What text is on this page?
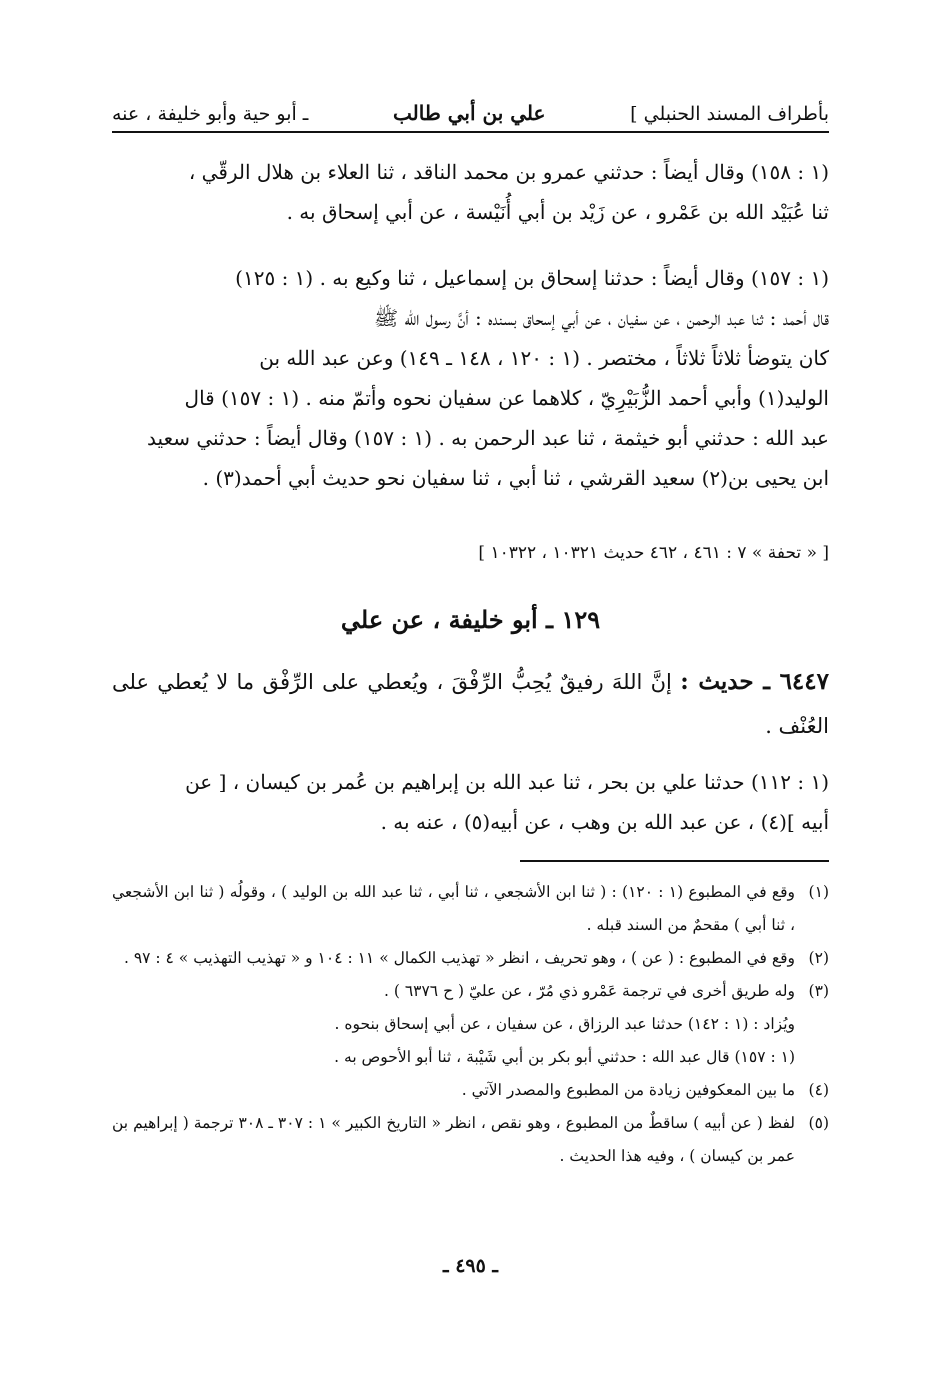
بأطراف المسند الحنبلي ]
علي بن أبي طالب
ـ أبو حية وأبو خليفة ، عنه

(١ : ١٥٨) وقال أيضاً : حدثني عمرو بن محمد الناقد ، ثنا العلاء بن هلال الرقّي ،

ثنا عُبَيْد الله بن عَمْرو ، عن زَيْد بن أبي أُنَيْسة ، عن أبي إسحاق به .

(١ : ١٥٧) وقال أيضاً : حدثنا إسحاق بن إسماعيل ، ثنا وكيع به . (١ : ١٢٥)

قال أحمد : ثنا عبد الرحمن ، عن سفيان ، عن أبي إسحاق بسنده : أنَّ رسول الله ﷺ

كان يتوضأ ثلاثاً ثلاثاً ، مختصر . (١ : ١٢٠ ، ١٤٨ ـ ١٤٩) وعن عبد الله بن

الوليد(١) وأبي أحمد الزُّبَيْرِيّ ، كلاهما عن سفيان نحوه وأتمّ منه . (١ : ١٥٧) قال

عبد الله : حدثني أبو خيثمة ، ثنا عبد الرحمن به . (١ : ١٥٧) وقال أيضاً : حدثني سعيد

ابن يحيى بن(٢) سعيد القرشي ، ثنا أبي ، ثنا سفيان نحو حديث أبي أحمد(٣) .

[ « تحفة » ٧ : ٤٦١ ، ٤٦٢ حديث ١٠٣٢١ ، ١٠٣٢٢ ]
١٢٩ ـ أبو خليفة ، عن علي
٦٤٤٧ ـ حديث : إنَّ اللهَ رفيقٌ يُحِبُّ الرِّفْقَ ، ويُعطي على الرِّفْق ما لا يُعطي على العُنْف .

(١ : ١١٢) حدثنا علي بن بحر ، ثنا عبد الله بن إبراهيم بن عُمر بن كيسان ، [ عن

أبيه ](٤) ، عن عبد الله بن وهب ، عن أبيه(٥) ، عنه به .

(١)
وقع في المطبوع (١ : ١٢٠) : ( ثنا ابن الأشجعي ، ثنا أبي ، ثنا عبد الله بن الوليد ) ، وقولُه ( ثنا ابن الأشجعي ، ثنا أبي ) مقحمٌ من السند قبله .
(٢)
وقع في المطبوع : ( عن ) ، وهو تحريف ، انظر « تهذيب الكمال » ١١ : ١٠٤ و « تهذيب التهذيب » ٤ : ٩٧ .
(٣)
وله طريق أخرى في ترجمة عَمْرو ذي مُرّ ، عن عليّ ( ح ٦٣٧٦ ) .
ويُزاد : (١ : ١٤٢) حدثنا عبد الرزاق ، عن سفيان ، عن أبي إسحاق بنحوه .
(١ : ١٥٧) قال عبد الله : حدثني أبو بكر بن أبي شَيْبة ، ثنا أبو الأحوص به .
(٤)
ما بين المعكوفين زيادة من المطبوع والمصدر الآتي .
(٥)
لفظ ( عن أبيه ) ساقطٌ من المطبوع ، وهو نقص ، انظر « التاريخ الكبير » ١ : ٣٠٧ ـ ٣٠٨ ترجمة ( إبراهيم بن عمر بن كيسان ) ، وفيه هذا الحديث .
ـ ٤٩٥ ـ
